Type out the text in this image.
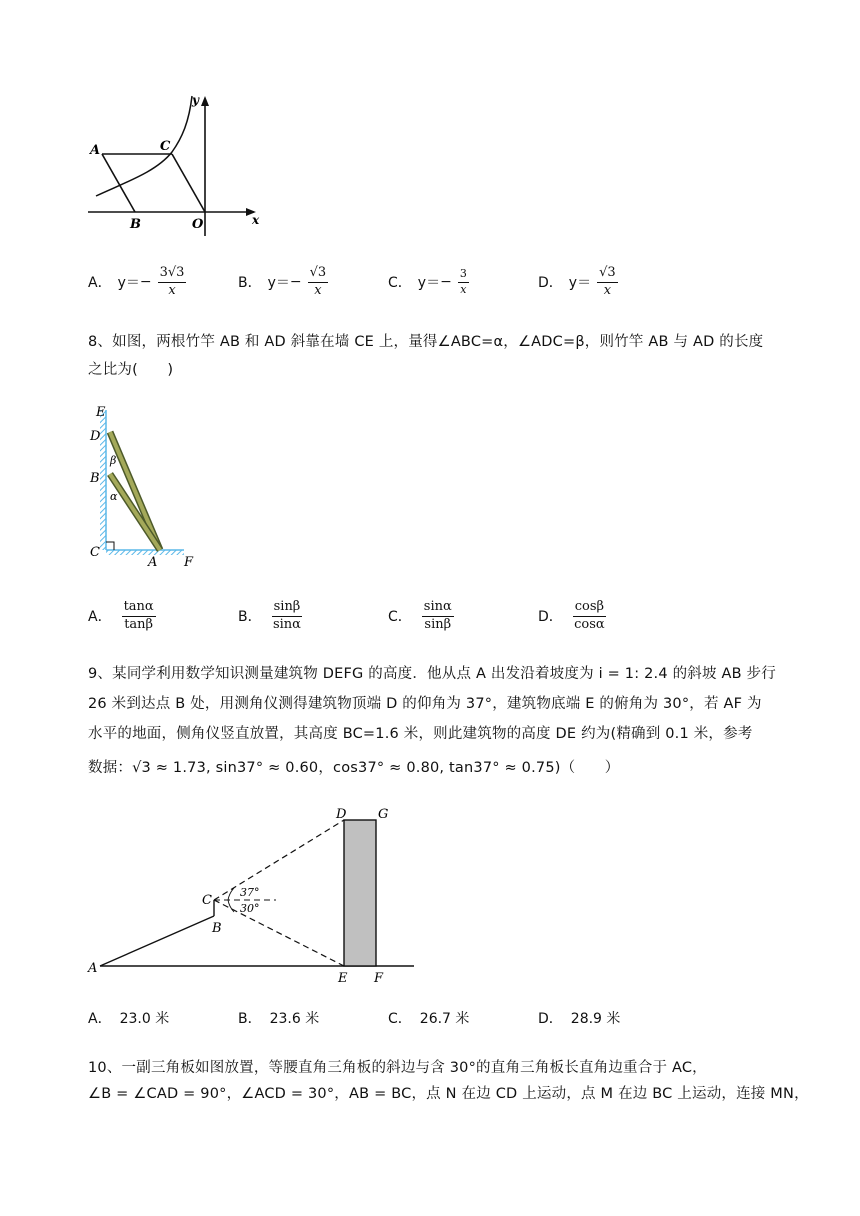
A	C
B	O	x
y
A． $y= - \frac{3√3}{x}$	B． $y= - \frac{√3}{x}$	C． $y= - \frac{3}{x}$	D． $y= \frac{√3}{x}$
8、如图，两根竹竿 AB 和 AD 斜靠在墙 CE 上，量得∠ABC=α，∠ADC=β，则竹竿 AB 与 AD 的长度
之比为(　　)
E
D
B
C
A F
β
α
A． $\frac{\tan\alpha}{\tan\beta}$	B． $\frac{\sin\beta}{\sin\alpha}$	C． $\frac{\sin\alpha}{\sin\beta}$	D． $\frac{\cos\beta}{\cos\alpha}$
9、某同学利用数学知识测量建筑物 DEFG 的高度．他从点 A 出发沿着坡度为 i = 1: 2.4 的斜坡 AB 步行
26 米到达点 B 处，用测角仪测得建筑物顶端 D 的仰角为 37°，建筑物底端 E 的俯角为 30°，若 AF 为
水平的地面，侧角仪竖直放置，其高度 BC=1.6 米，则此建筑物的高度 DE 约为(精确到 0.1 米，参考
数据：√3 ≈ 1.73, sin37° ≈ 0.60，cos37° ≈ 0.80, tan37° ≈ 0.75)（　　）
37°
30°
D G
C
B
A
E F
A． 23.0 米	B． 23.6 米	C． 26.7 米	D． 28.9 米
10、一副三角板如图放置，等腰直角三角板的斜边与含 30°的直角三角板长直角边重合于 AC，
∠B = ∠CAD = 90°，∠ACD = 30°，AB = BC，点 N 在边 CD 上运动，点 M 在边 BC 上运动，连接 MN，
